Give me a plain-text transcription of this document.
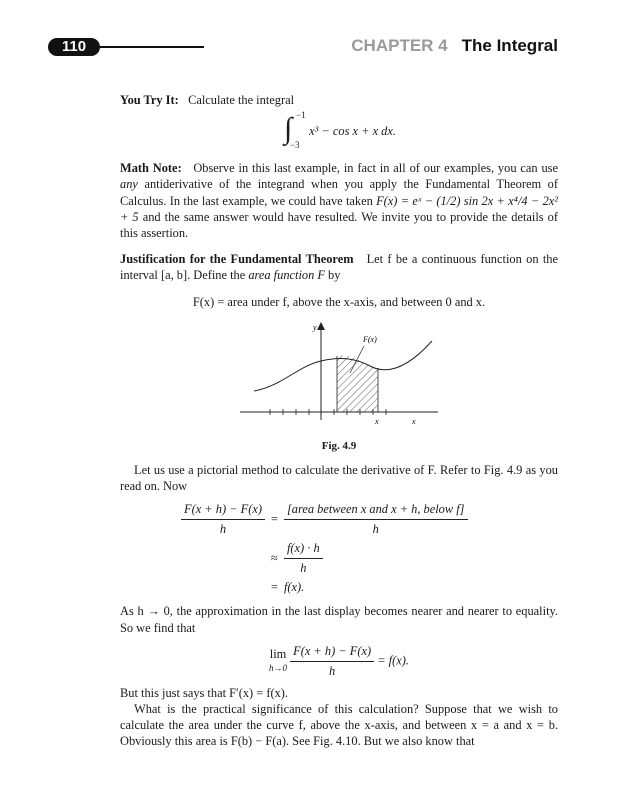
110	CHAPTER 4 The Integral

You Try It: Calculate the integral

∫ −1
−3
x³ − cos x + x dx.

Math Note: Observe in this last example, in fact in all of our examples, you can use any antiderivative of the integrand when you apply the Fundamental Theorem of Calculus. In the last example, we could have taken F(x) = eˣ − (1/2) sin 2x + x⁴/4 − 2x² + 5 and the same answer would have resulted. We invite you to provide the details of this assertion.

Justification for the Fundamental Theorem Let f be a continuous function on the interval [a, b]. Define the area function F by

F(x) = area under f, above the x-axis, and between 0 and x.

y
F(x)
x	x

Fig. 4.9

Let us use a pictorial method to calculate the derivative of F. Refer to Fig. 4.9 as you read on. Now

$\frac{F(x + h) - F(x)}{h}$	=	$\frac{\text{[area between x and x + h, below f]}}{h}$

	≈	$\frac{f(x) \cdot h}{h}$

	=	f(x).

As h → 0, the approximation in the last display becomes nearer and nearer to equality. So we find that

lim
$h\to 0 \frac{F(x + h) - F(x)}{h} = f(x)$.

But this just says that F′(x) = f(x).

What is the practical significance of this calculation? Suppose that we wish to calculate the area under the curve f, above the x-axis, and between x = a and x = b. Obviously this area is F(b) − F(a). See Fig. 4.10. But we also know that
